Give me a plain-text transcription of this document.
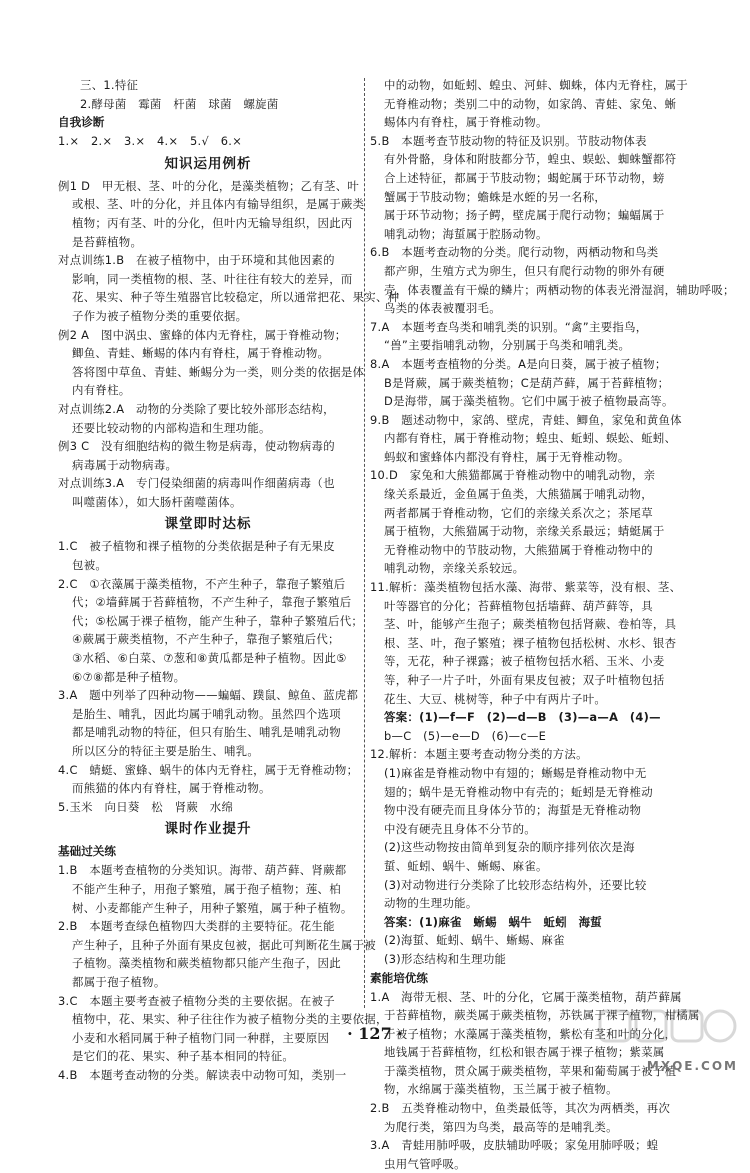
三、1.特征
2.酵母菌　霉菌　杆菌　球菌　螺旋菌
自我诊断
1.×　2.×　3.×　4.×　5.√　6.×
知识运用例析
例1 D　甲无根、茎、叶的分化，是藻类植物；乙有茎、叶
或根、茎、叶的分化，并且体内有输导组织，是属于蕨类
植物；丙有茎、叶的分化，但叶内无输导组织，因此丙
是苔藓植物。
对点训练1.B　在被子植物中，由于环境和其他因素的
影响，同一类植物的根、茎、叶往往有较大的差异，而
花、果实、种子等生殖器官比较稳定，所以通常把花、果实、种
子作为被子植物分类的重要依据。
例2 A　图中涡虫、蜜蜂的体内无脊柱，属于脊椎动物；
鲫鱼、青蛙、蜥蜴的体内有脊柱，属于脊椎动物。
答将图中草鱼、青蛙、蜥蜴分为一类，则分类的依据是体
内有脊柱。
对点训练2.A　动物的分类除了要比较外部形态结构，
还要比较动物的内部构造和生理功能。
例3 C　没有细胞结构的微生物是病毒，使动物病毒的
病毒属于动物病毒。
对点训练3.A　专门侵染细菌的病毒叫作细菌病毒（也
叫噬菌体），如大肠杆菌噬菌体。
课堂即时达标
1.C　被子植物和裸子植物的分类依据是种子有无果皮
包被。
2.C　①衣藻属于藻类植物，不产生种子，靠孢子繁殖后
代；②墙藓属于苔藓植物，不产生种子，靠孢子繁殖后
代；⑤松属于裸子植物，能产生种子，靠种子繁殖后代；
④蕨属于蕨类植物，不产生种子，靠孢子繁殖后代；
③水稻、⑥白菜、⑦葱和⑧黄瓜都是种子植物。因此⑤
⑥⑦⑧都是种子植物。
3.A　题中列举了四种动物——蝙蝠、蹼鼠、鲸鱼、蓝虎都
是胎生、哺乳，因此均属于哺乳动物。虽然四个选项
都是哺乳动物的特征，但只有胎生、哺乳是哺乳动物
所以区分的特征主要是胎生、哺乳。
4.C　蜻蜓、蜜蜂、蜗牛的体内无脊柱，属于无脊椎动物；
而熊猫的体内有脊柱，属于脊椎动物。
5.玉米　向日葵　松　肾蕨　水绵
课时作业提升
基础过关练
1.B　本题考查植物的分类知识。海带、葫芦藓、肾蕨都
不能产生种子，用孢子繁殖，属于孢子植物；莲、柏
树、小麦都能产生种子，用种子繁殖，属于种子植物。
2.B　本题考查绿色植物四大类群的主要特征。花生能
产生种子，且种子外面有果皮包被，据此可判断花生属于被
子植物。藻类植物和蕨类植物都只能产生孢子，因此
都属于孢子植物。
3.C　本题主要考查被子植物分类的主要依据。在被子
植物中，花、果实、种子往往作为被子植物分类的主要依据，
小麦和水稻同属于种子植物门同一种群，主要原因
是它们的花、果实、种子基本相同的特征。
4.B　本题考查动物的分类。解读表中动物可知，类别一
中的动物，如蚯蚓、蝗虫、河蚌、蜘蛛，体内无脊柱，属于
无脊椎动物；类别二中的动物，如家鸽、青蛙、家兔、蜥
蜴体内有脊柱，属于脊椎动物。
5.B　本题考查节肢动物的特征及识别。节肢动物体表
有外骨骼，身体和附肢都分节，蝗虫、蜈蚣、蜘蛛蟹都符
合上述特征，都属于节肢动物；蝎蛇属于环节动物，螃
蟹属于节肢动物；蟾蛛是水蛭的另一名称，
属于环节动物；扬子鳄，壁虎属于爬行动物；蝙蝠属于
哺乳动物；海蜇属于腔肠动物。
6.B　本题考查动物的分类。爬行动物，两栖动物和鸟类
都产卵，生殖方式为卵生，但只有爬行动物的卵外有硬
壳，体表覆盖有干燥的鳞片；两栖动物的体表光滑湿润，辅助呼吸；
鸟类的体表被覆羽毛。
7.A　本题考查鸟类和哺乳类的识别。“禽”主要指鸟，
“兽”主要指哺乳动物，分别属于鸟类和哺乳类。
8.A　本题考查植物的分类。A是向日葵，属于被子植物；
B是肾蕨，属于蕨类植物；C是葫芦藓，属于苔藓植物；
D是海带，属于藻类植物。它们中属于被子植物最高等。
9.B　题述动物中，家鸽、壁虎，青蛙、鲫鱼，家兔和黄鱼体
内都有脊柱，属于脊椎动物；蝗虫、蚯蚓、蜈蚣、蚯蚓、
蚂蚁和蜜蜂体内都没有脊柱，属于无脊椎动物。
10.D　家兔和大熊猫都属于脊椎动物中的哺乳动物，亲
缘关系最近，金鱼属于鱼类，大熊猫属于哺乳动物，
两者都属于脊椎动物，它们的亲缘关系次之；茶尾草
属于植物，大熊猫属于动物，亲缘关系最远；蜻蜓属于
无脊椎动物中的节肢动物，大熊猫属于脊椎动物中的
哺乳动物，亲缘关系较远。
11.解析：藻类植物包括水藻、海带、紫菜等，没有根、茎、
叶等器官的分化；苔藓植物包括墙藓、葫芦藓等，具
茎、叶，能够产生孢子；蕨类植物包括肾蕨、卷柏等，具
根、茎、叶，孢子繁殖；裸子植物包括松树、水杉、银杏
等，无花，种子裸露；被子植物包括水稻、玉米、小麦
等，种子一片子叶，外面有果皮包被；双子叶植物包括
花生、大豆、桃树等，种子中有两片子叶。
答案：(1)—f—F　(2)—d—B　(3)—a—A　(4)—
b—C　(5)—e—D　(6)—c—E
12.解析：本题主要考查动物分类的方法。
(1)麻雀是脊椎动物中有翅的；蜥蜴是脊椎动物中无
翅的；蜗牛是无脊椎动物中有壳的；蚯蚓是无脊椎动
物中没有硬壳而且身体分节的；海蜇是无脊椎动物
中没有硬壳且身体不分节的。
(2)这些动物按由简单到复杂的顺序排列依次是海
蜇、蚯蚓、蜗牛、蜥蜴、麻雀。
(3)对动物进行分类除了比较形态结构外，还要比较
动物的生理功能。
答案：(1)麻雀　蜥蜴　蜗牛　蚯蚓　海蜇
(2)海蜇、蚯蚓、蜗牛、蜥蜴、麻雀
(3)形态结构和生理功能
素能培优练
1.A　海带无根、茎、叶的分化，它属于藻类植物，葫芦藓属
于苔藓植物，蕨类属于蕨类植物，苏铁属于裸子植物，柑橘属
于被子植物；水藻属于藻类植物，紫松有茎和叶的分化，
地钱属于苔藓植物，红松和银杏属于裸子植物；紫菜属
于藻类植物，贯众属于蕨类植物，苹果和葡萄属于被子植
物，水绵属于藻类植物，玉兰属于被子植物。
2.B　五类脊椎动物中，鱼类最低等，其次为两栖类，再次
为爬行类，第四为鸟类，最高等的是哺乳类。
3.A　青蛙用肺呼吸，皮肤辅助呼吸；家兔用肺呼吸；蝗
虫用气管呼吸。
· 127 ·
MXQE.COM
